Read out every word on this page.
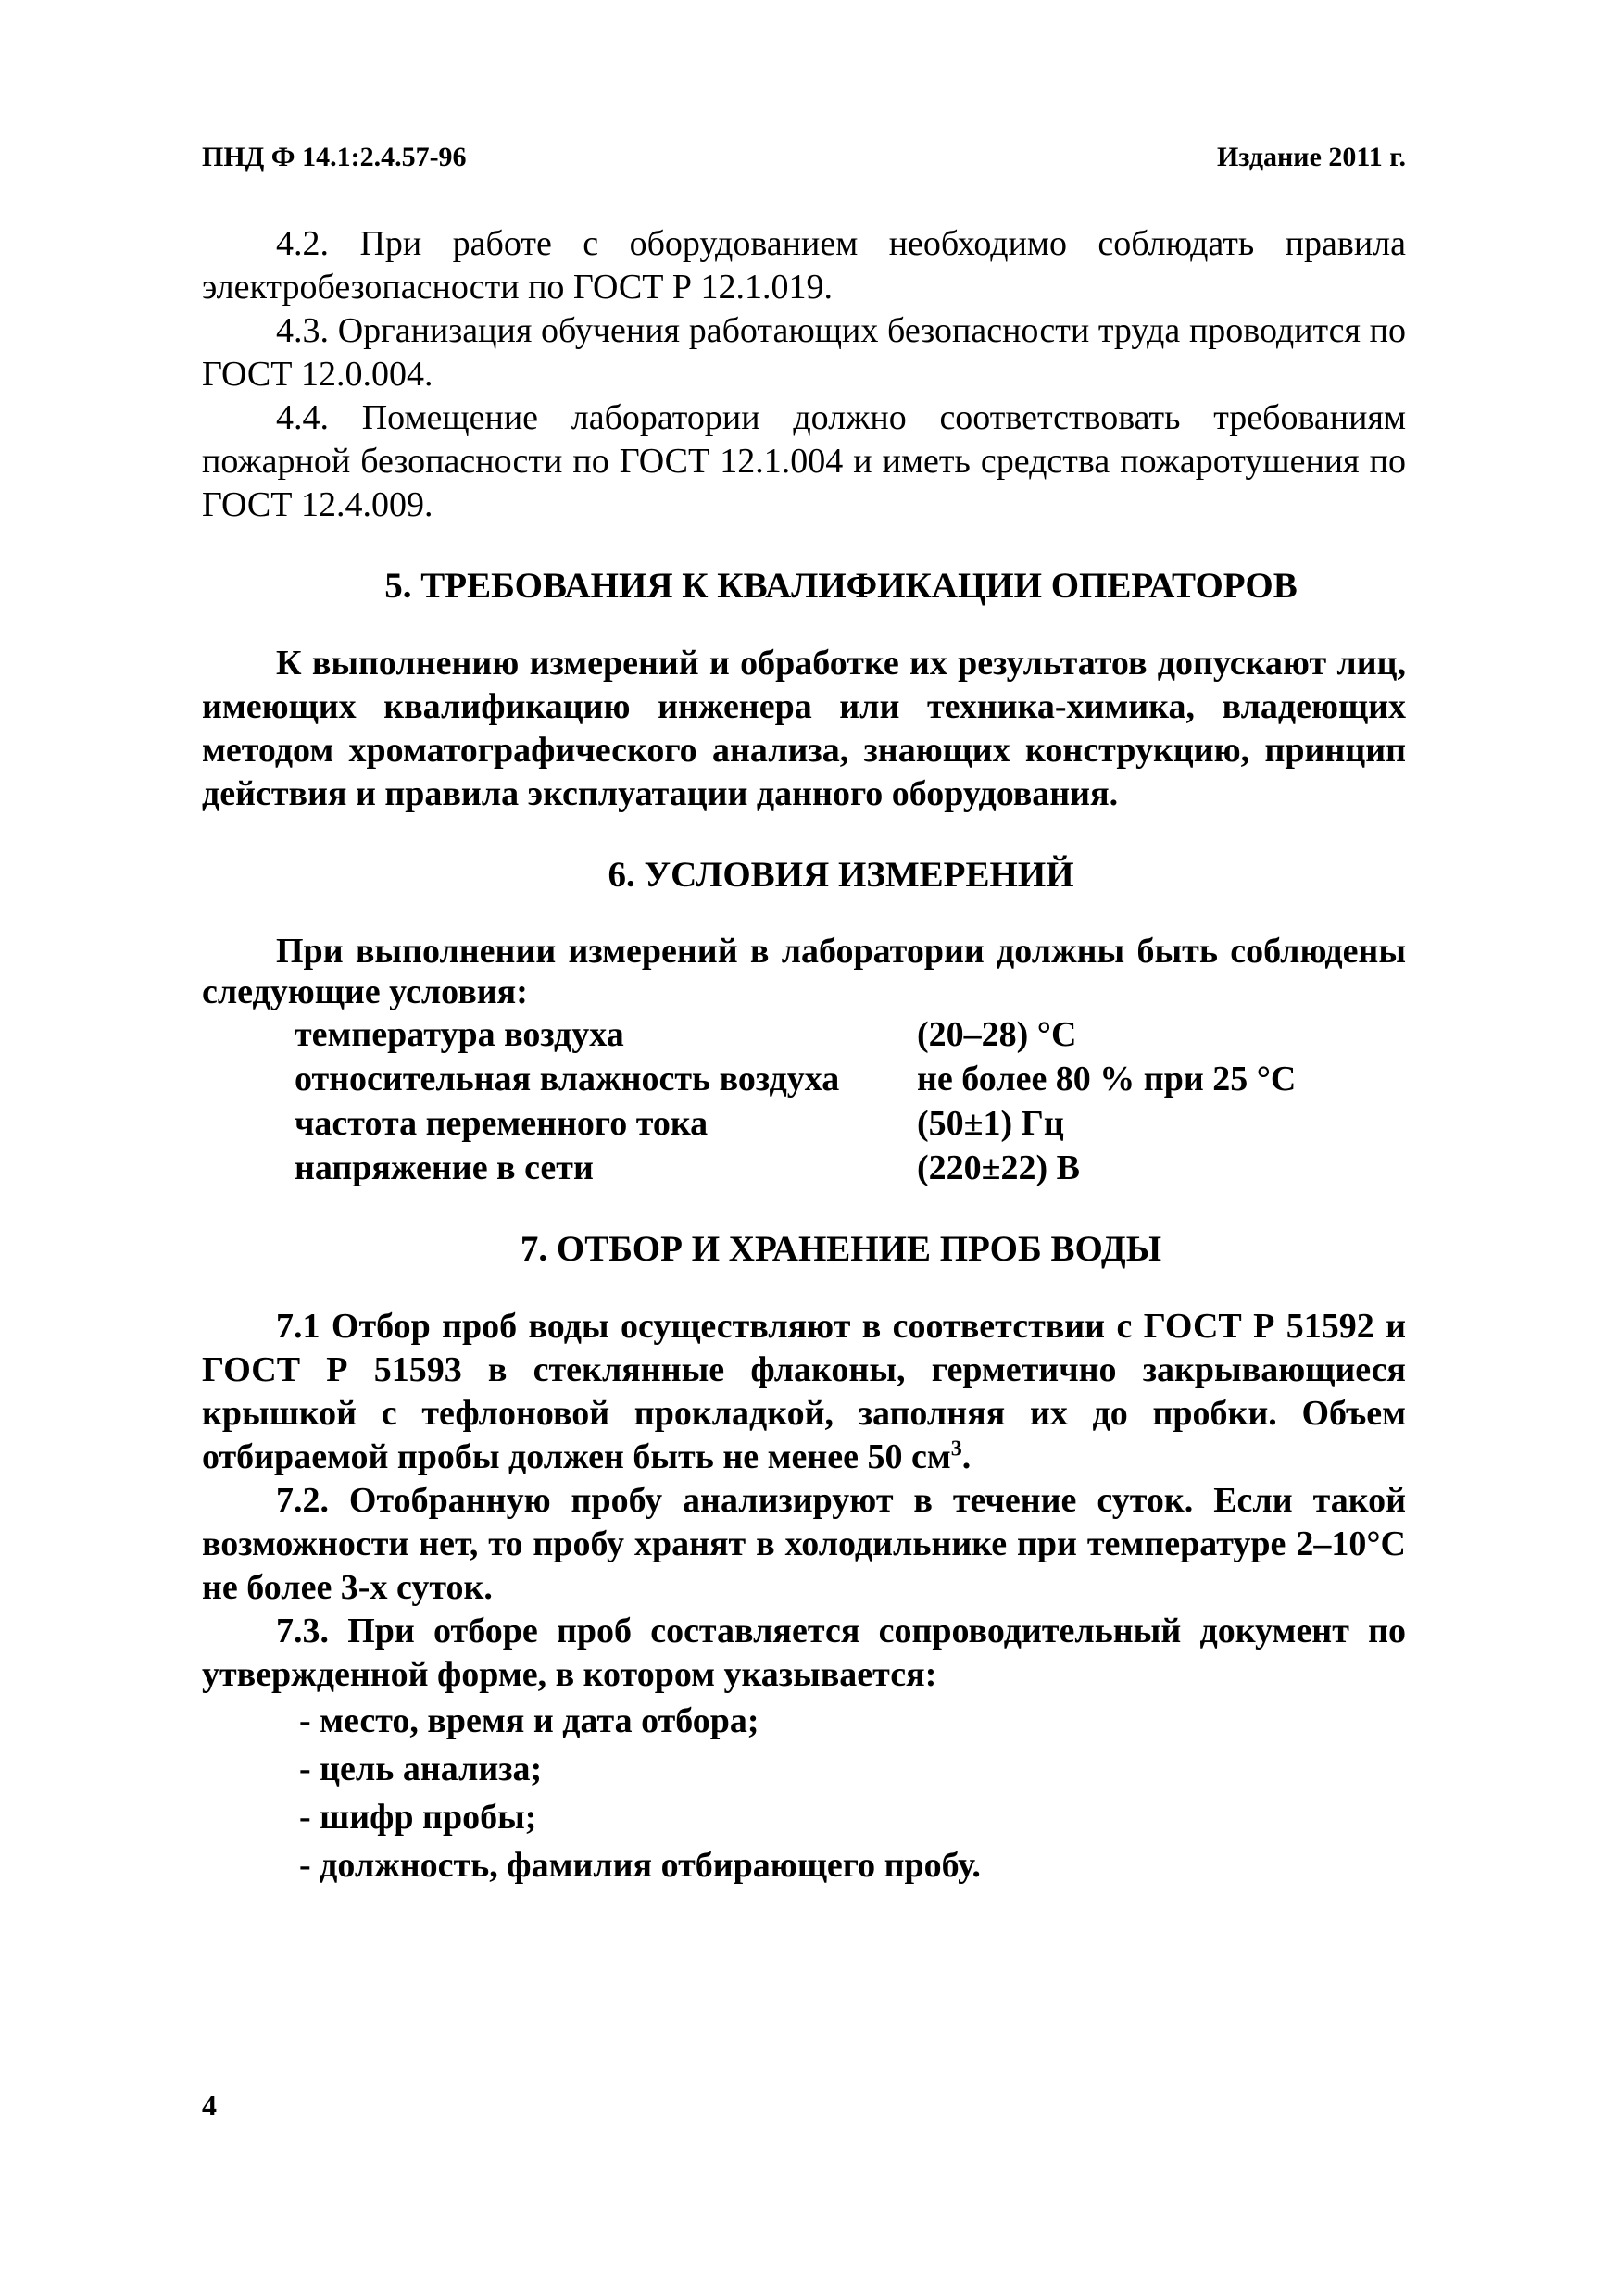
ПНД Ф 14.1:2.4.57-96	Издание 2011 г.

4.2. При работе с оборудованием необходимо соблюдать правила электробезопасности по ГОСТ Р 12.1.019.

4.3. Организация обучения работающих безопасности труда проводится по ГОСТ 12.0.004.

4.4. Помещение лаборатории должно соответствовать требованиям пожарной безопасности по ГОСТ 12.1.004 и иметь средства пожаротушения по ГОСТ 12.4.009.

5. ТРЕБОВАНИЯ К КВАЛИФИКАЦИИ ОПЕРАТОРОВ

К выполнению измерений и обработке их результатов допускают лиц, имеющих квалификацию инженера или техника-химика, владеющих методом хроматографического анализа, знающих конструкцию, принцип действия и правила эксплуатации данного оборудования.

6. УСЛОВИЯ ИЗМЕРЕНИЙ

При выполнении измерений в лаборатории должны быть соблюдены следующие условия:

температура воздуха	(20–28) °C
относительная влажность воздуха	не более 80 % при 25 °C
частота переменного тока	(50±1) Гц
напряжение в сети	(220±22) В
7. ОТБОР И ХРАНЕНИЕ ПРОБ ВОДЫ

7.1 Отбор проб воды осуществляют в соответствии с ГОСТ Р 51592 и ГОСТ Р 51593 в стеклянные флаконы, герметично закрывающиеся крышкой с тефлоновой прокладкой, заполняя их до пробки. Объем отбираемой пробы должен быть не менее 50 $см^3$.

7.2. Отобранную пробу анализируют в течение суток. Если такой возможности нет, то пробу хранят в холодильнике при температуре 2–10°С не более 3-х суток.

7.3. При отборе проб составляется сопроводительный документ по утвержденной форме, в котором указывается:

- место, время и дата отбора;
- цель анализа;
- шифр пробы;
- должность, фамилия отбирающего пробу.
4
